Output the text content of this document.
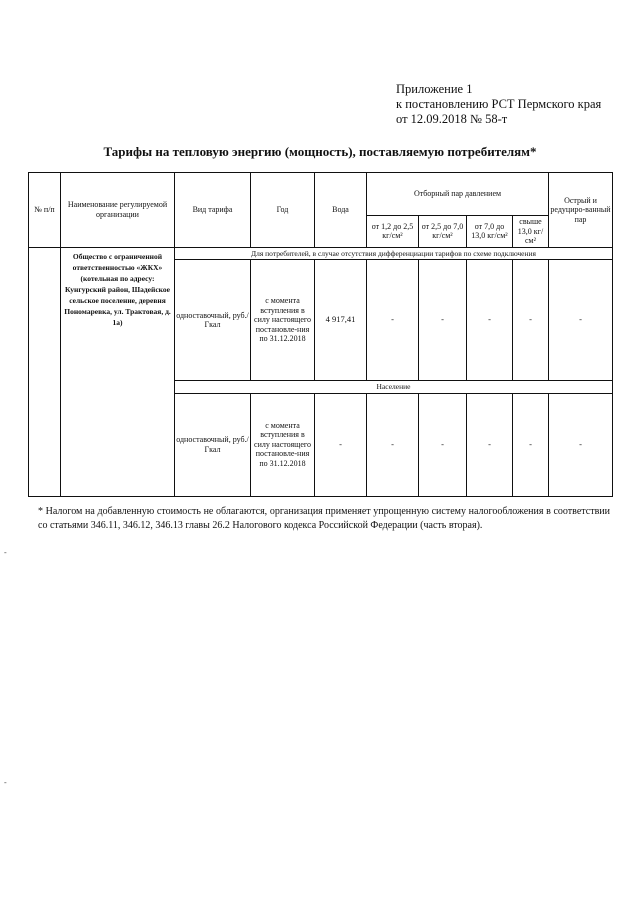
Приложение 1
к постановлению РСТ Пермского края
от 12.09.2018 № 58-т
Тарифы на тепловую энергию (мощность), поставляемую потребителям*
№ п/п	Наименование регулируемой организации	Вид тарифа	Год	Вода	Отборный пар давлением				Острый и редуциро-ванный пар
					от 1,2 до 2,5 кг/см²	от 2,5 до 7,0 кг/см²	от 7,0 до 13,0 кг/см²	свыше 13,0 кг/см²	
	Общество с ограниченной ответственностью «ЖКХ» (котельная по адресу: Кунгурский район, Шадейское сельское поселение, деревня Пономаревка, ул. Трактовая, д. 1а)	Для потребителей, в случае отсутствия дифференциации тарифов по схеме подключения							
		одноставочный, руб./Гкал	с момента вступления в силу настоящего постановле-ния по 31.12.2018	4 917,41	-	-	-	-	-
		Население							
		одноставочный, руб./Гкал	с момента вступления в силу настоящего постановле-ния по 31.12.2018	-	-	-	-	-	-
* Налогом на добавленную стоимость не облагаются, организация применяет упрощенную систему налогообложения в соответствии со статьями 346.11, 346.12, 346.13 главы 26.2 Налогового кодекса Российской Федерации (часть вторая).
-
-
